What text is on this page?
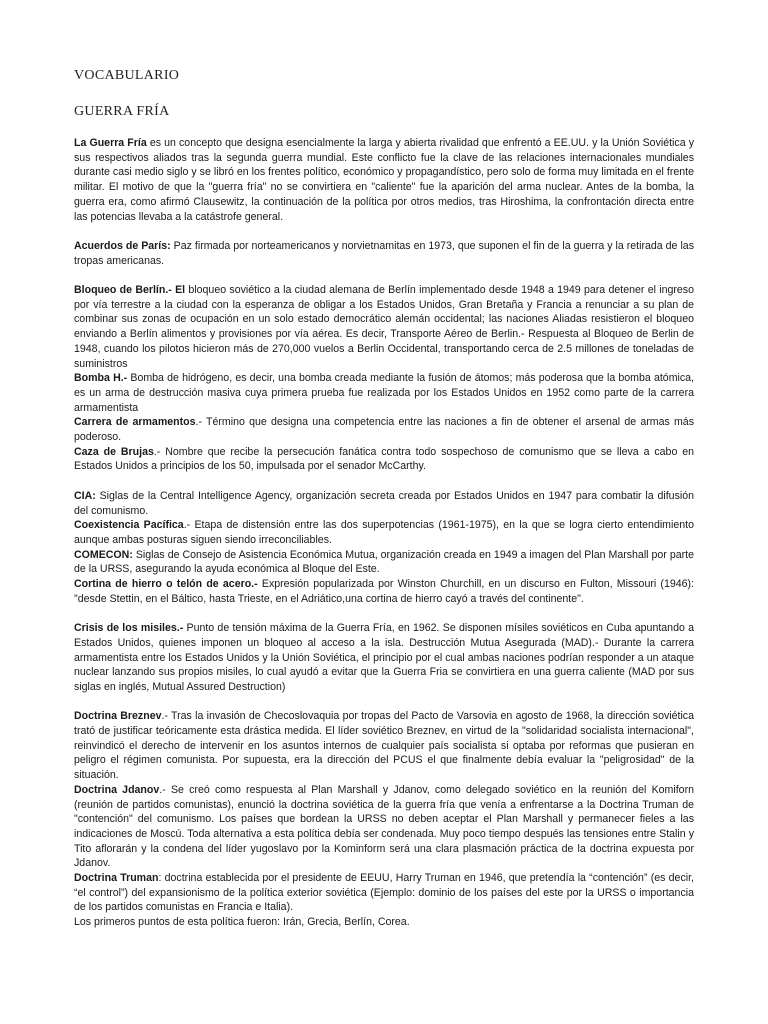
VOCABULARIO
GUERRA FRÍA

La Guerra Fría es un concepto que designa esencialmente la larga y abierta rivalidad que enfrentó a EE.UU. y la Unión Soviética y sus respectivos aliados tras la segunda guerra mundial. Este conflicto fue la clave de las relaciones internacionales mundiales durante casi medio siglo y se libró en los frentes político, económico y propagandístico, pero solo de forma muy limitada en el frente militar. El motivo de que la "guerra fría" no se convirtiera en "caliente" fue la aparición del arma nuclear. Antes de la bomba, la guerra era, como afirmó Clausewitz, la continuación de la política por otros medios, tras Hiroshima, la confrontación directa entre las potencias llevaba a la catástrofe general.

Acuerdos de París: Paz firmada por norteamericanos y norvietnamitas en 1973, que suponen el fin de la guerra y la retirada de las tropas americanas.

Bloqueo de Berlín.- El bloqueo soviético a la ciudad alemana de Berlín implementado desde 1948 a 1949 para detener el ingreso por vía terrestre a la ciudad con la esperanza de obligar a los Estados Unidos, Gran Bretaña y Francia a renunciar a su plan de combinar sus zonas de ocupación en un solo estado democrático alemán occidental; las naciones Aliadas resistieron el bloqueo enviando a Berlín alimentos y provisiones por vía aérea. Es decir, Transporte Aéreo de Berlin.- Respuesta al Bloqueo de Berlin de 1948, cuando los pilotos hicieron más de 270,000 vuelos a Berlin Occidental, transportando cerca de 2.5 millones de toneladas de suministros

Bomba H.- Bomba de hidrógeno, es decir, una bomba creada mediante la fusión de átomos; más poderosa que la bomba atómica, es un arma de destrucción masiva cuya primera prueba fue realizada por los Estados Unidos en 1952 como parte de la carrera armamentista

Carrera de armamentos.- Término que designa una competencia entre las naciones a fin de obtener el arsenal de armas más poderoso.

Caza de Brujas.- Nombre que recibe la persecución fanática contra todo sospechoso de comunismo que se lleva a cabo en Estados Unidos a principios de los 50, impulsada por el senador McCarthy.

CIA: Siglas de la Central Intelligence Agency, organización secreta creada por Estados Unidos en 1947 para combatir la difusión del comunismo.

Coexistencia Pacífica.- Etapa de distensión entre las dos superpotencias (1961-1975), en la que se logra cierto entendimiento aunque ambas posturas siguen siendo irreconciliables.

COMECON: Siglas de Consejo de Asistencia Económica Mutua, organización creada en 1949 a imagen del Plan Marshall por parte de la URSS, asegurando la ayuda económica al Bloque del Este.

Cortina de hierro o telón de acero.- Expresión popularizada por Winston Churchill, en un discurso en Fulton, Missouri (1946): "desde Stettin, en el Báltico, hasta Trieste, en el Adriático,una cortina de hierro cayó a través del continente".

Crisis de los misiles.- Punto de tensión máxima de la Guerra Fría, en 1962. Se disponen mísiles soviéticos en Cuba apuntando a Estados Unidos, quienes imponen un bloqueo al acceso a la isla. Destrucción Mutua Asegurada (MAD).- Durante la carrera armamentista entre los Estados Unidos y la Unión Soviética, el principio por el cual ambas naciones podrían responder a un ataque nuclear lanzando sus propios misiles, lo cual ayudó a evitar que la Guerra Fria se convirtiera en una guerra caliente (MAD por sus siglas en inglés, Mutual Assured Destruction)

Doctrina Breznev.- Tras la invasión de Checoslovaquia por tropas del Pacto de Varsovia en agosto de 1968, la dirección soviética trató de justificar teóricamente esta drástica medida. El líder soviético Breznev, en virtud de la "solidaridad socialista internacional", reinvindicó el derecho de intervenir en los asuntos internos de cualquier país socialista si optaba por reformas que pusieran en peligro el régimen comunista. Por supuesta, era la dirección del PCUS el que finalmente debía evaluar la "peligrosidad" de la situación.

Doctrina Jdanov.- Se creó como respuesta al Plan Marshall y Jdanov, como delegado soviético en la reunión del Komiforn (reunión de partidos comunistas), enunció la doctrina soviética de la guerra fría que venía a enfrentarse a la Doctrina Truman de "contención" del comunismo. Los países que bordean la URSS no deben aceptar el Plan Marshall y permanecer fieles a las indicaciones de Moscú. Toda alternativa a esta política debía ser condenada. Muy poco tiempo después las tensiones entre Stalin y Tito aflorarán y la condena del líder yugoslavo por la Kominform será una clara plasmación práctica de la doctrina expuesta por Jdanov.

Doctrina Truman: doctrina establecida por el presidente de EEUU, Harry Truman en 1946, que pretendía la “contención” (es decir, “el control”) del expansionismo de la política exterior soviética (Ejemplo: dominio de los países del este por la URSS o importancia de los partidos comunistas en Francia e Italia).

Los primeros puntos de esta política fueron: Irán, Grecia, Berlín, Corea.
